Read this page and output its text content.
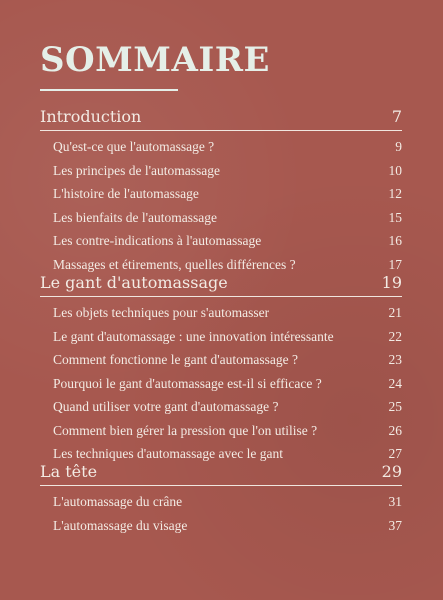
SOMMAIRE
Introduction	7
Qu'est-ce que l'automassage ?	9
Les principes de l'automassage	10
L'histoire de l'automassage	12
Les bienfaits de l'automassage	15
Les contre-indications à l'automassage	16
Massages et étirements, quelles différences ?	17
Le gant d'automassage	19
Les objets techniques pour s'automasser	21
Le gant d'automassage : une innovation intéressante	22
Comment fonctionne le gant d'automassage ?	23
Pourquoi le gant d'automassage est-il si efficace ?	24
Quand utiliser votre gant d'automassage ?	25
Comment bien gérer la pression que l'on utilise ?	26
Les techniques d'automassage avec le gant	27
La tête	29
L'automassage du crâne	31
L'automassage du visage	37
